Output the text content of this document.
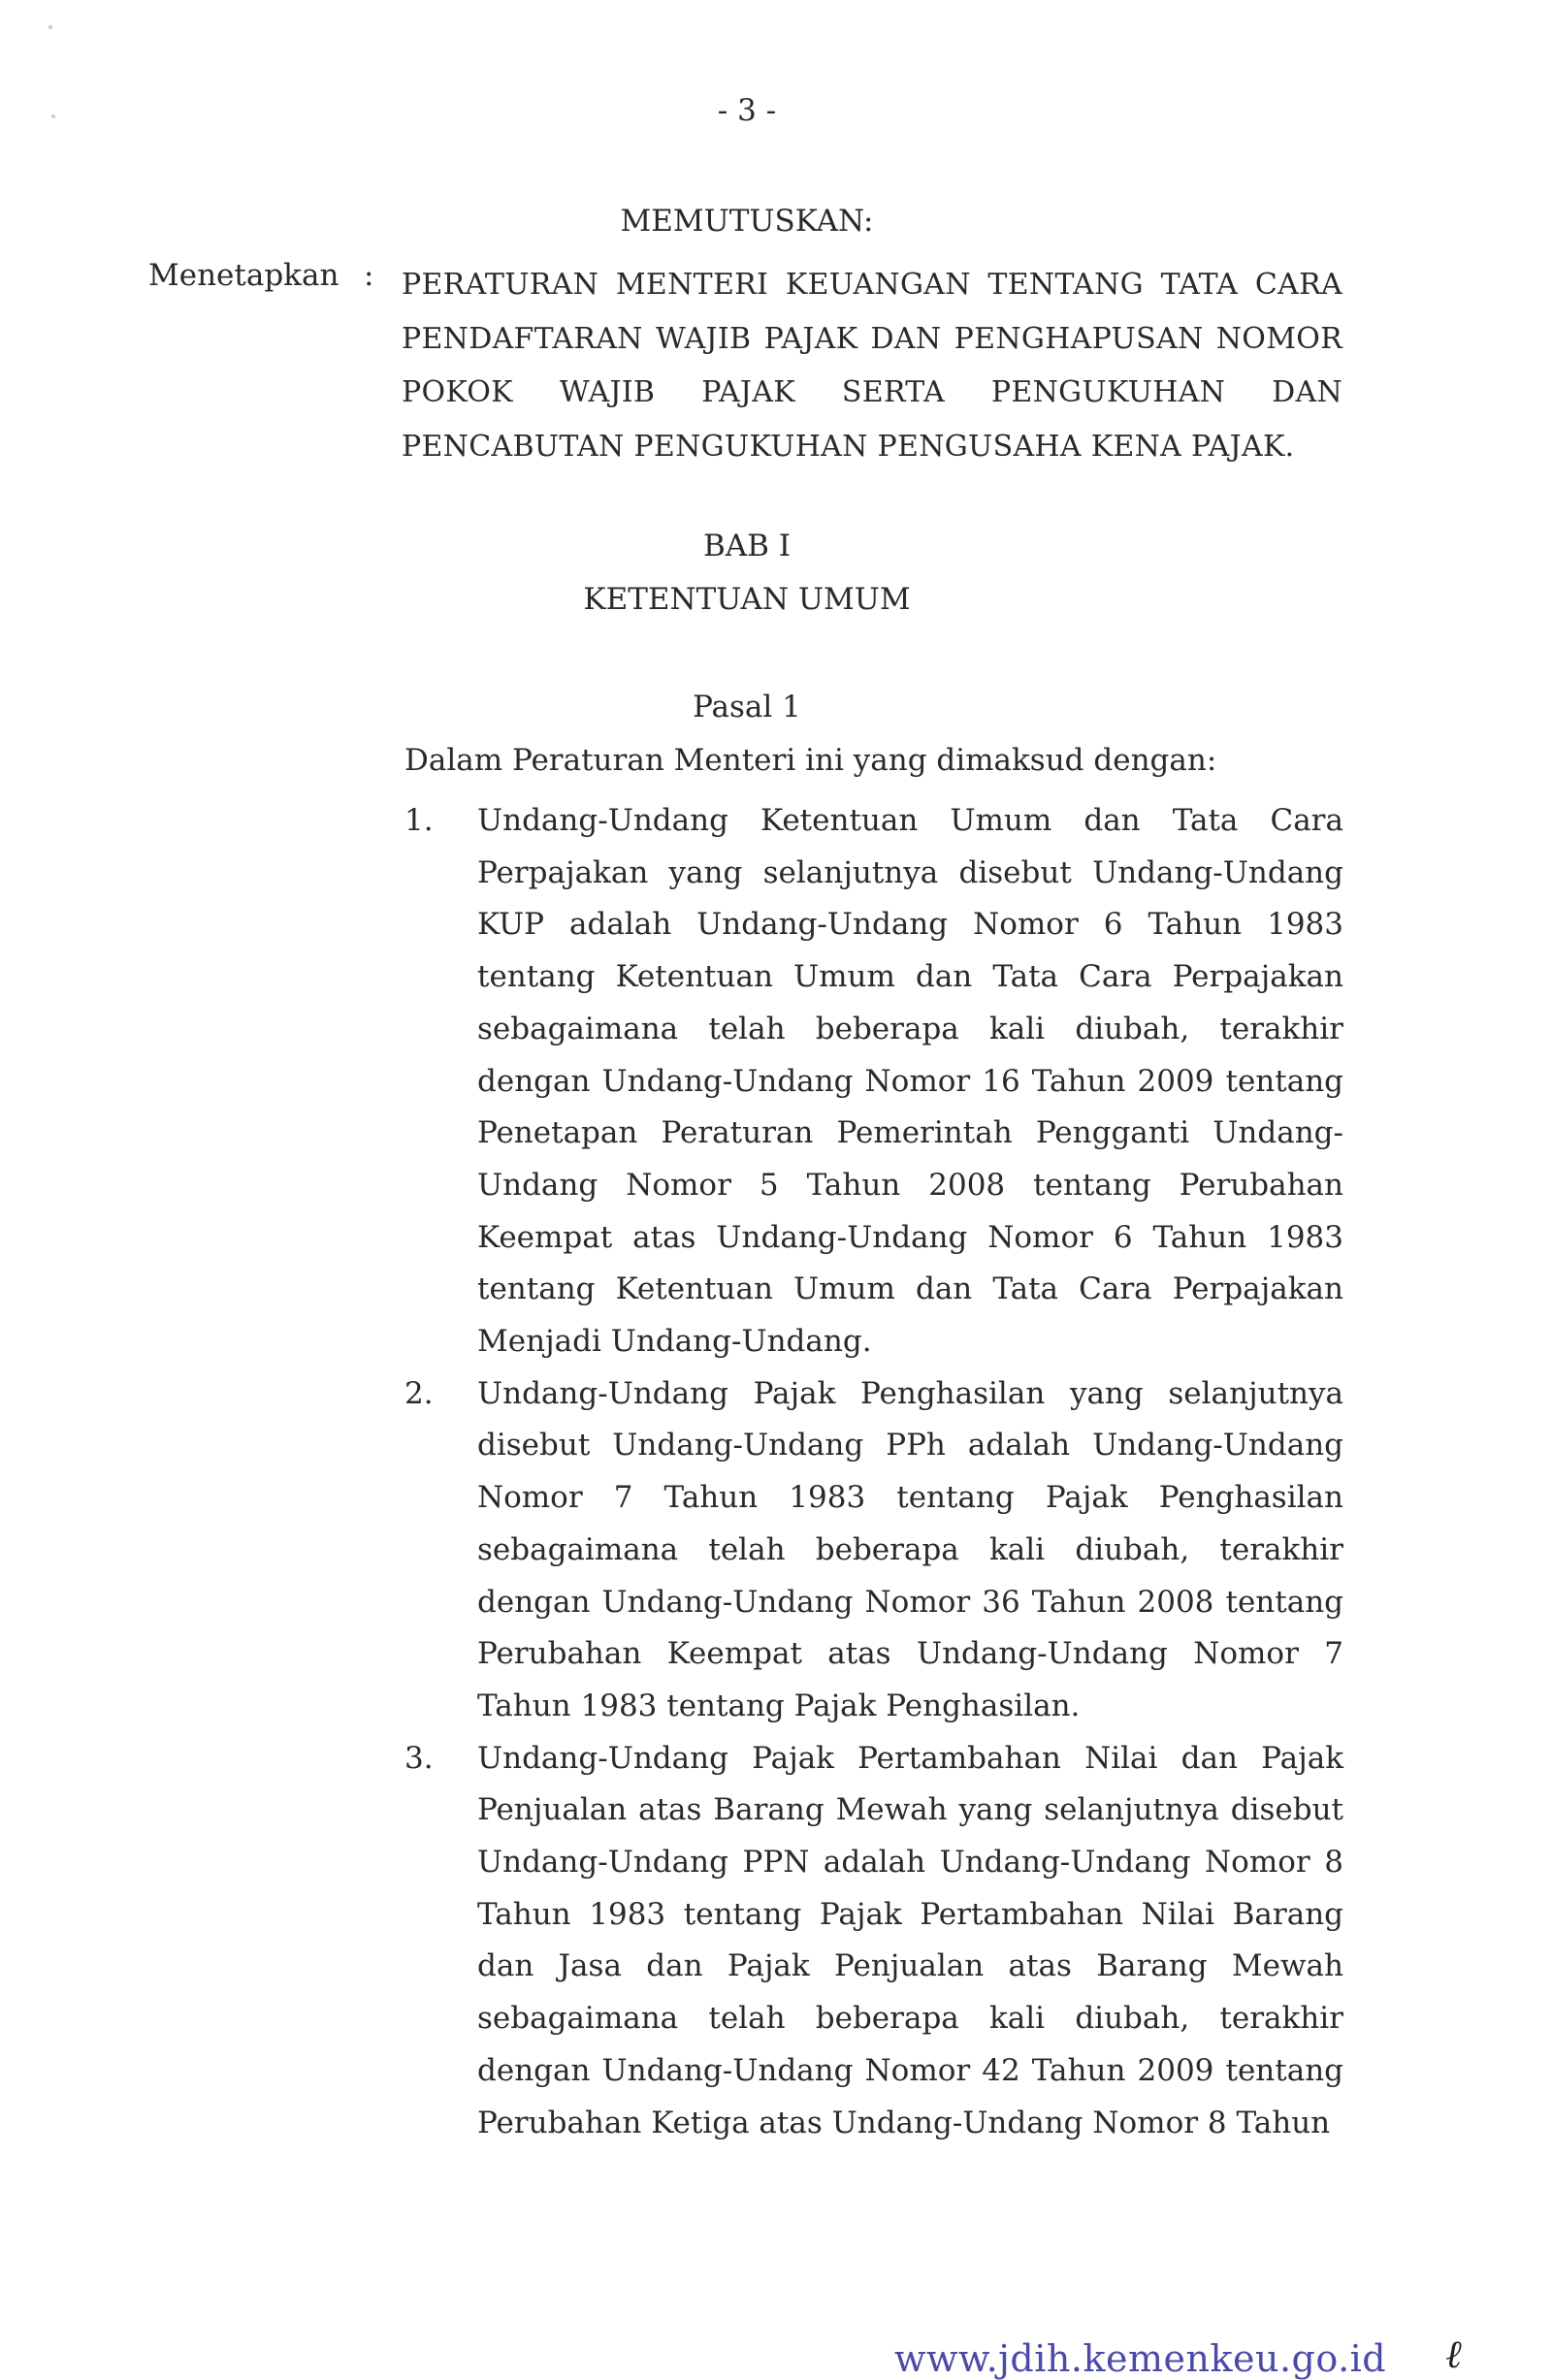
- 3 -
MEMUTUSKAN:
Menetapkan : PERATURAN MENTERI KEUANGAN TENTANG TATA CARA PENDAFTARAN WAJIB PAJAK DAN PENGHAPUSAN NOMOR POKOK WAJIB PAJAK SERTA PENGUKUHAN DAN PENCABUTAN PENGUKUHAN PENGUSAHA KENA PAJAK.
BAB I
KETENTUAN UMUM
Pasal 1
Dalam Peraturan Menteri ini yang dimaksud dengan:
1. Undang-Undang Ketentuan Umum dan Tata Cara Perpajakan yang selanjutnya disebut Undang-Undang KUP adalah Undang-Undang Nomor 6 Tahun 1983 tentang Ketentuan Umum dan Tata Cara Perpajakan sebagaimana telah beberapa kali diubah, terakhir dengan Undang-Undang Nomor 16 Tahun 2009 tentang Penetapan Peraturan Pemerintah Pengganti Undang-Undang Nomor 5 Tahun 2008 tentang Perubahan Keempat atas Undang-Undang Nomor 6 Tahun 1983 tentang Ketentuan Umum dan Tata Cara Perpajakan Menjadi Undang-Undang.
2. Undang-Undang Pajak Penghasilan yang selanjutnya disebut Undang-Undang PPh adalah Undang-Undang Nomor 7 Tahun 1983 tentang Pajak Penghasilan sebagaimana telah beberapa kali diubah, terakhir dengan Undang-Undang Nomor 36 Tahun 2008 tentang Perubahan Keempat atas Undang-Undang Nomor 7 Tahun 1983 tentang Pajak Penghasilan.
3. Undang-Undang Pajak Pertambahan Nilai dan Pajak Penjualan atas Barang Mewah yang selanjutnya disebut Undang-Undang PPN adalah Undang-Undang Nomor 8 Tahun 1983 tentang Pajak Pertambahan Nilai Barang dan Jasa dan Pajak Penjualan atas Barang Mewah sebagaimana telah beberapa kali diubah, terakhir dengan Undang-Undang Nomor 42 Tahun 2009 tentang Perubahan Ketiga atas Undang-Undang Nomor 8 Tahun
www.jdih.kemenkeu.go.id ℓ
